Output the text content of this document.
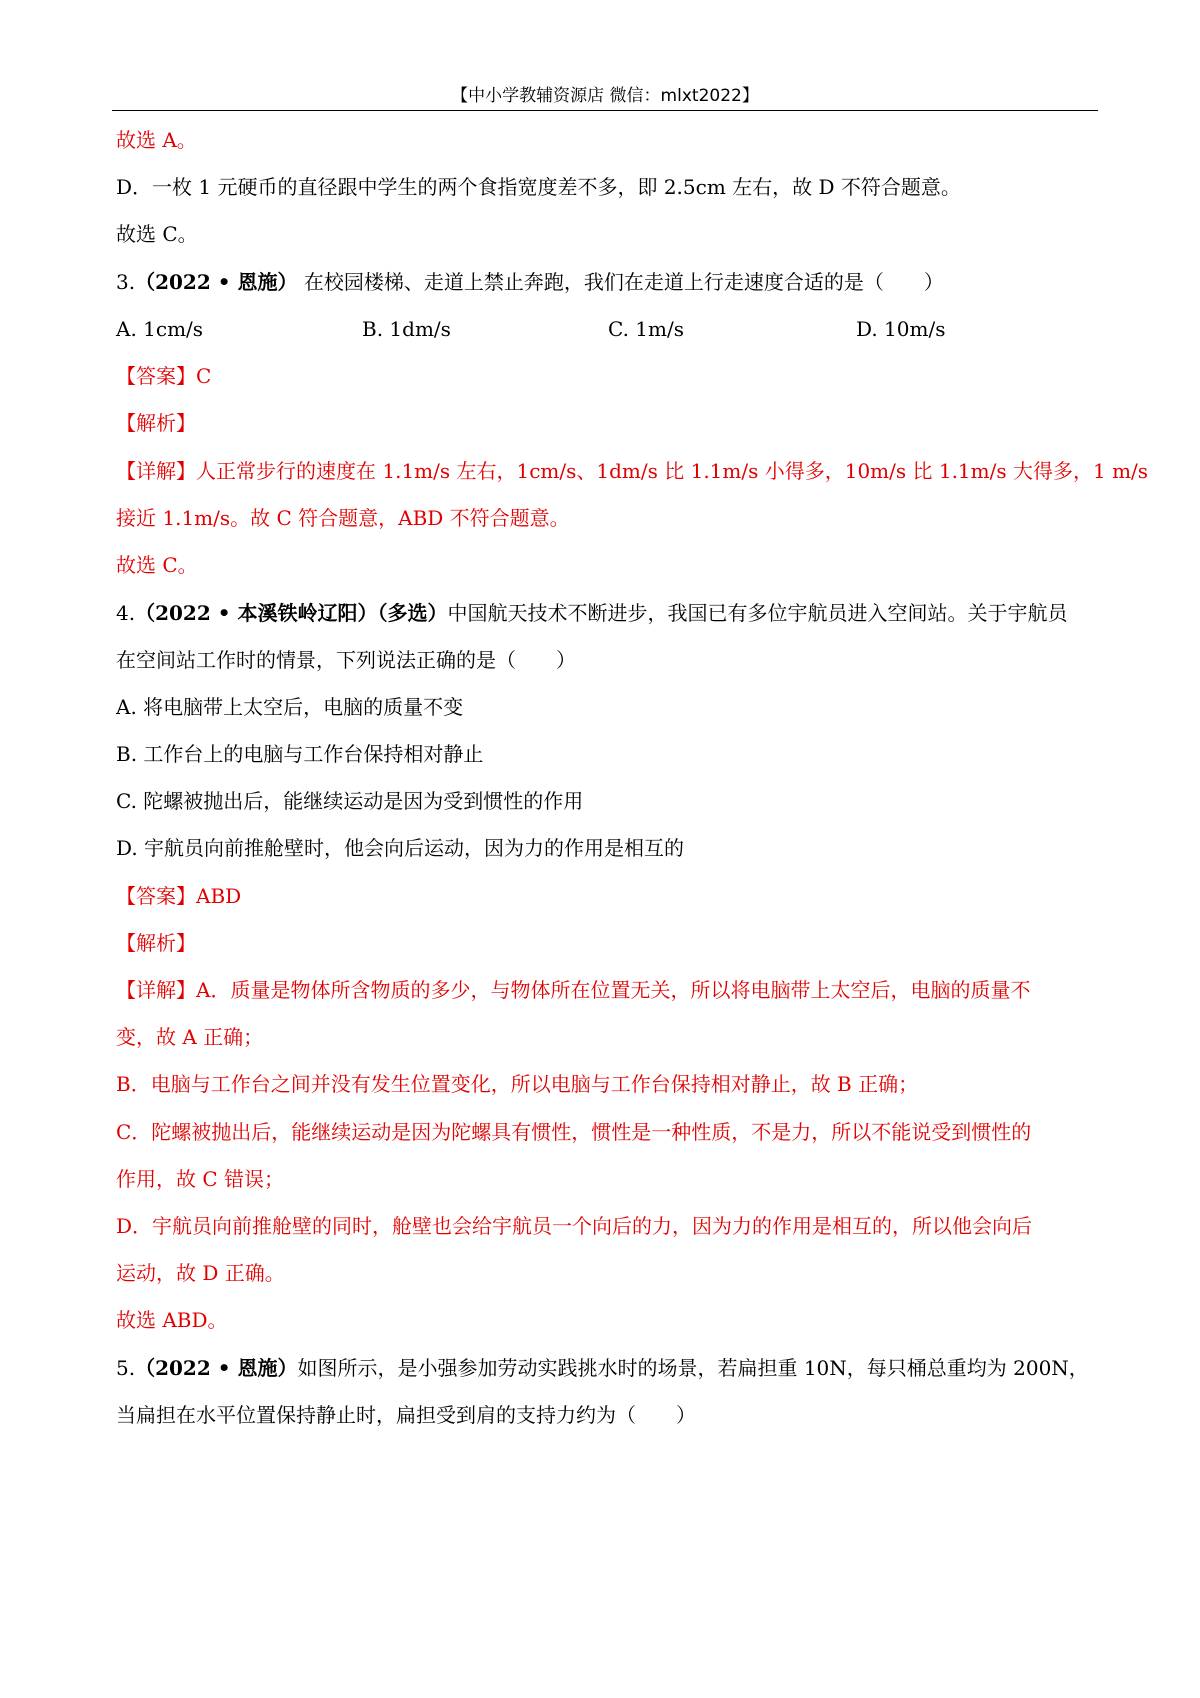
【中小学教辅资源店 微信：mlxt2022】
故选 A。
D．一枚 1 元硬币的直径跟中学生的两个食指宽度差不多，即 2.5cm 左右，故 D 不符合题意。
故选 C。
3.（2022 • 恩施） 在校园楼梯、走道上禁止奔跑，我们在走道上行走速度合适的是（　　）
A. 1cm/s	B. 1dm/s	C. 1m/s	D. 10m/s
【答案】C
【解析】
【详解】人正常步行的速度在 1.1m/s 左右，1cm/s、1dm/s 比 1.1m/s 小得多，10m/s 比 1.1m/s 大得多，1 m/s
接近 1.1m/s。故 C 符合题意，ABD 不符合题意。
故选 C。
4.（2022 • 本溪铁岭辽阳）（多选）中国航天技术不断进步，我国已有多位宇航员进入空间站。关于宇航员
在空间站工作时的情景，下列说法正确的是（　　）
A. 将电脑带上太空后，电脑的质量不变
B. 工作台上的电脑与工作台保持相对静止
C. 陀螺被抛出后，能继续运动是因为受到惯性的作用
D. 宇航员向前推舱壁时，他会向后运动，因为力的作用是相互的
【答案】ABD
【解析】
【详解】A．质量是物体所含物质的多少，与物体所在位置无关，所以将电脑带上太空后，电脑的质量不
变，故 A 正确；
B．电脑与工作台之间并没有发生位置变化，所以电脑与工作台保持相对静止，故 B 正确；
C．陀螺被抛出后，能继续运动是因为陀螺具有惯性，惯性是一种性质，不是力，所以不能说受到惯性的
作用，故 C 错误；
D．宇航员向前推舱壁的同时，舱壁也会给宇航员一个向后的力，因为力的作用是相互的，所以他会向后
运动，故 D 正确。
故选 ABD。
5.（2022 • 恩施）如图所示，是小强参加劳动实践挑水时的场景，若扁担重 10N，每只桶总重均为 200N，
当扁担在水平位置保持静止时，扁担受到肩的支持力约为（　　）
